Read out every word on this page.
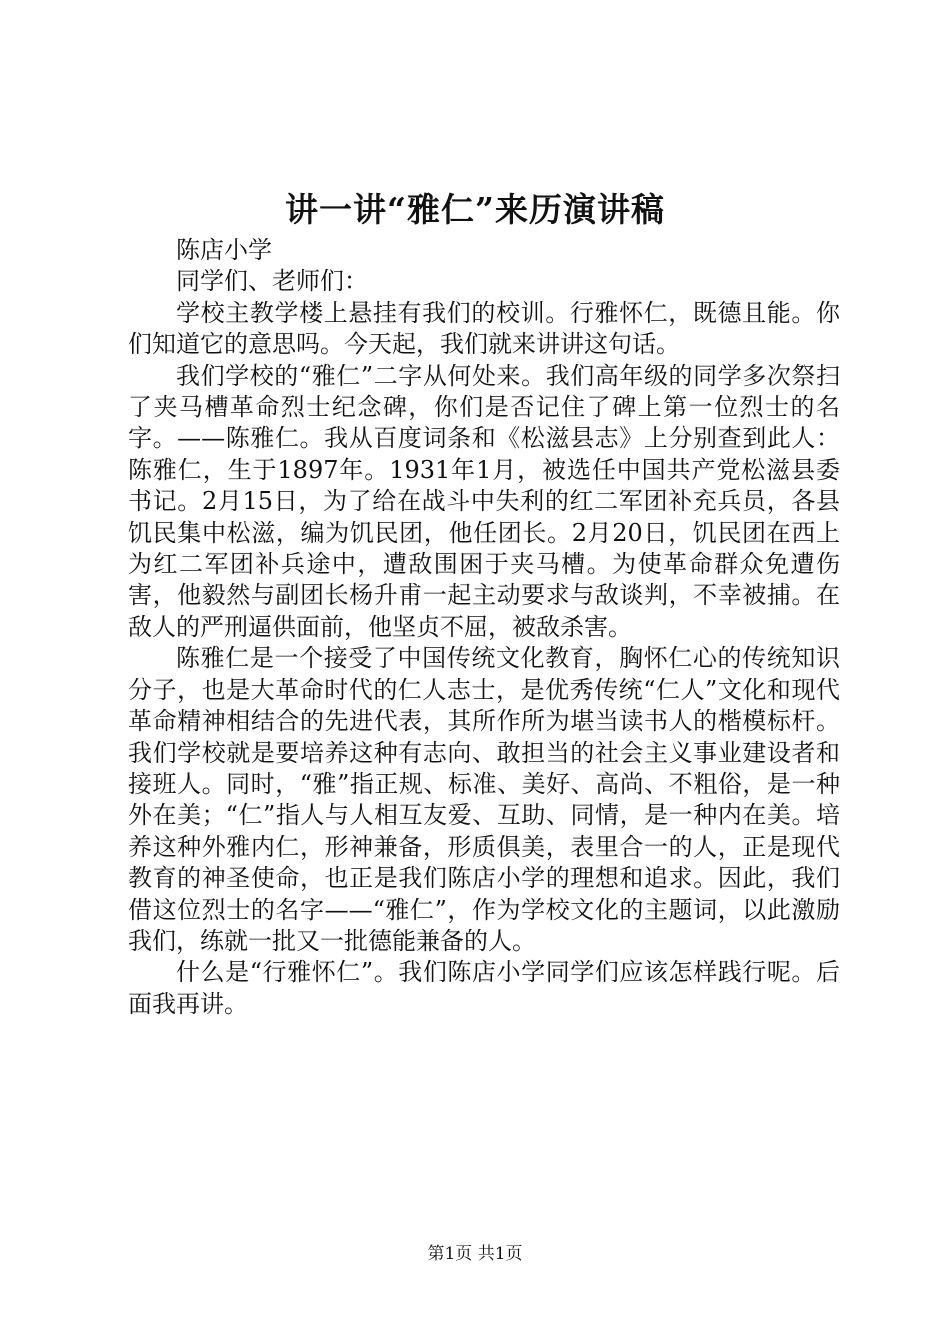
讲一讲“雅仁”来历演讲稿

陈店小学

同学们、老师们：

学校主教学楼上悬挂有我们的校训。行雅怀仁，既德且能。你们知道它的意思吗。今天起，我们就来讲讲这句话。

我们学校的“雅仁”二字从何处来。我们高年级的同学多次祭扫了夹马槽革命烈士纪念碑，你们是否记住了碑上第一位烈士的名字。——陈雅仁。我从百度词条和《松滋县志》上分别查到此人：陈雅仁，生于1897年。1931年1月，被选任中国共产党松滋县委书记。2月15日，为了给在战斗中失利的红二军团补充兵员，各县饥民集中松滋，编为饥民团，他任团长。2月20日，饥民团在西上为红二军团补兵途中，遭敌围困于夹马槽。为使革命群众免遭伤害，他毅然与副团长杨升甫一起主动要求与敌谈判，不幸被捕。在敌人的严刑逼供面前，他坚贞不屈，被敌杀害。

陈雅仁是一个接受了中国传统文化教育，胸怀仁心的传统知识分子，也是大革命时代的仁人志士，是优秀传统“仁人”文化和现代革命精神相结合的先进代表，其所作所为堪当读书人的楷模标杆。我们学校就是要培养这种有志向、敢担当的社会主义事业建设者和接班人。同时，“雅”指正规、标准、美好、高尚、不粗俗，是一种外在美；“仁”指人与人相互友爱、互助、同情，是一种内在美。培养这种外雅内仁，形神兼备，形质俱美，表里合一的人，正是现代教育的神圣使命，也正是我们陈店小学的理想和追求。因此，我们借这位烈士的名字——“雅仁”，作为学校文化的主题词，以此激励我们，练就一批又一批德能兼备的人。

什么是“行雅怀仁”。我们陈店小学同学们应该怎样践行呢。后面我再讲。

第1页 共1页
